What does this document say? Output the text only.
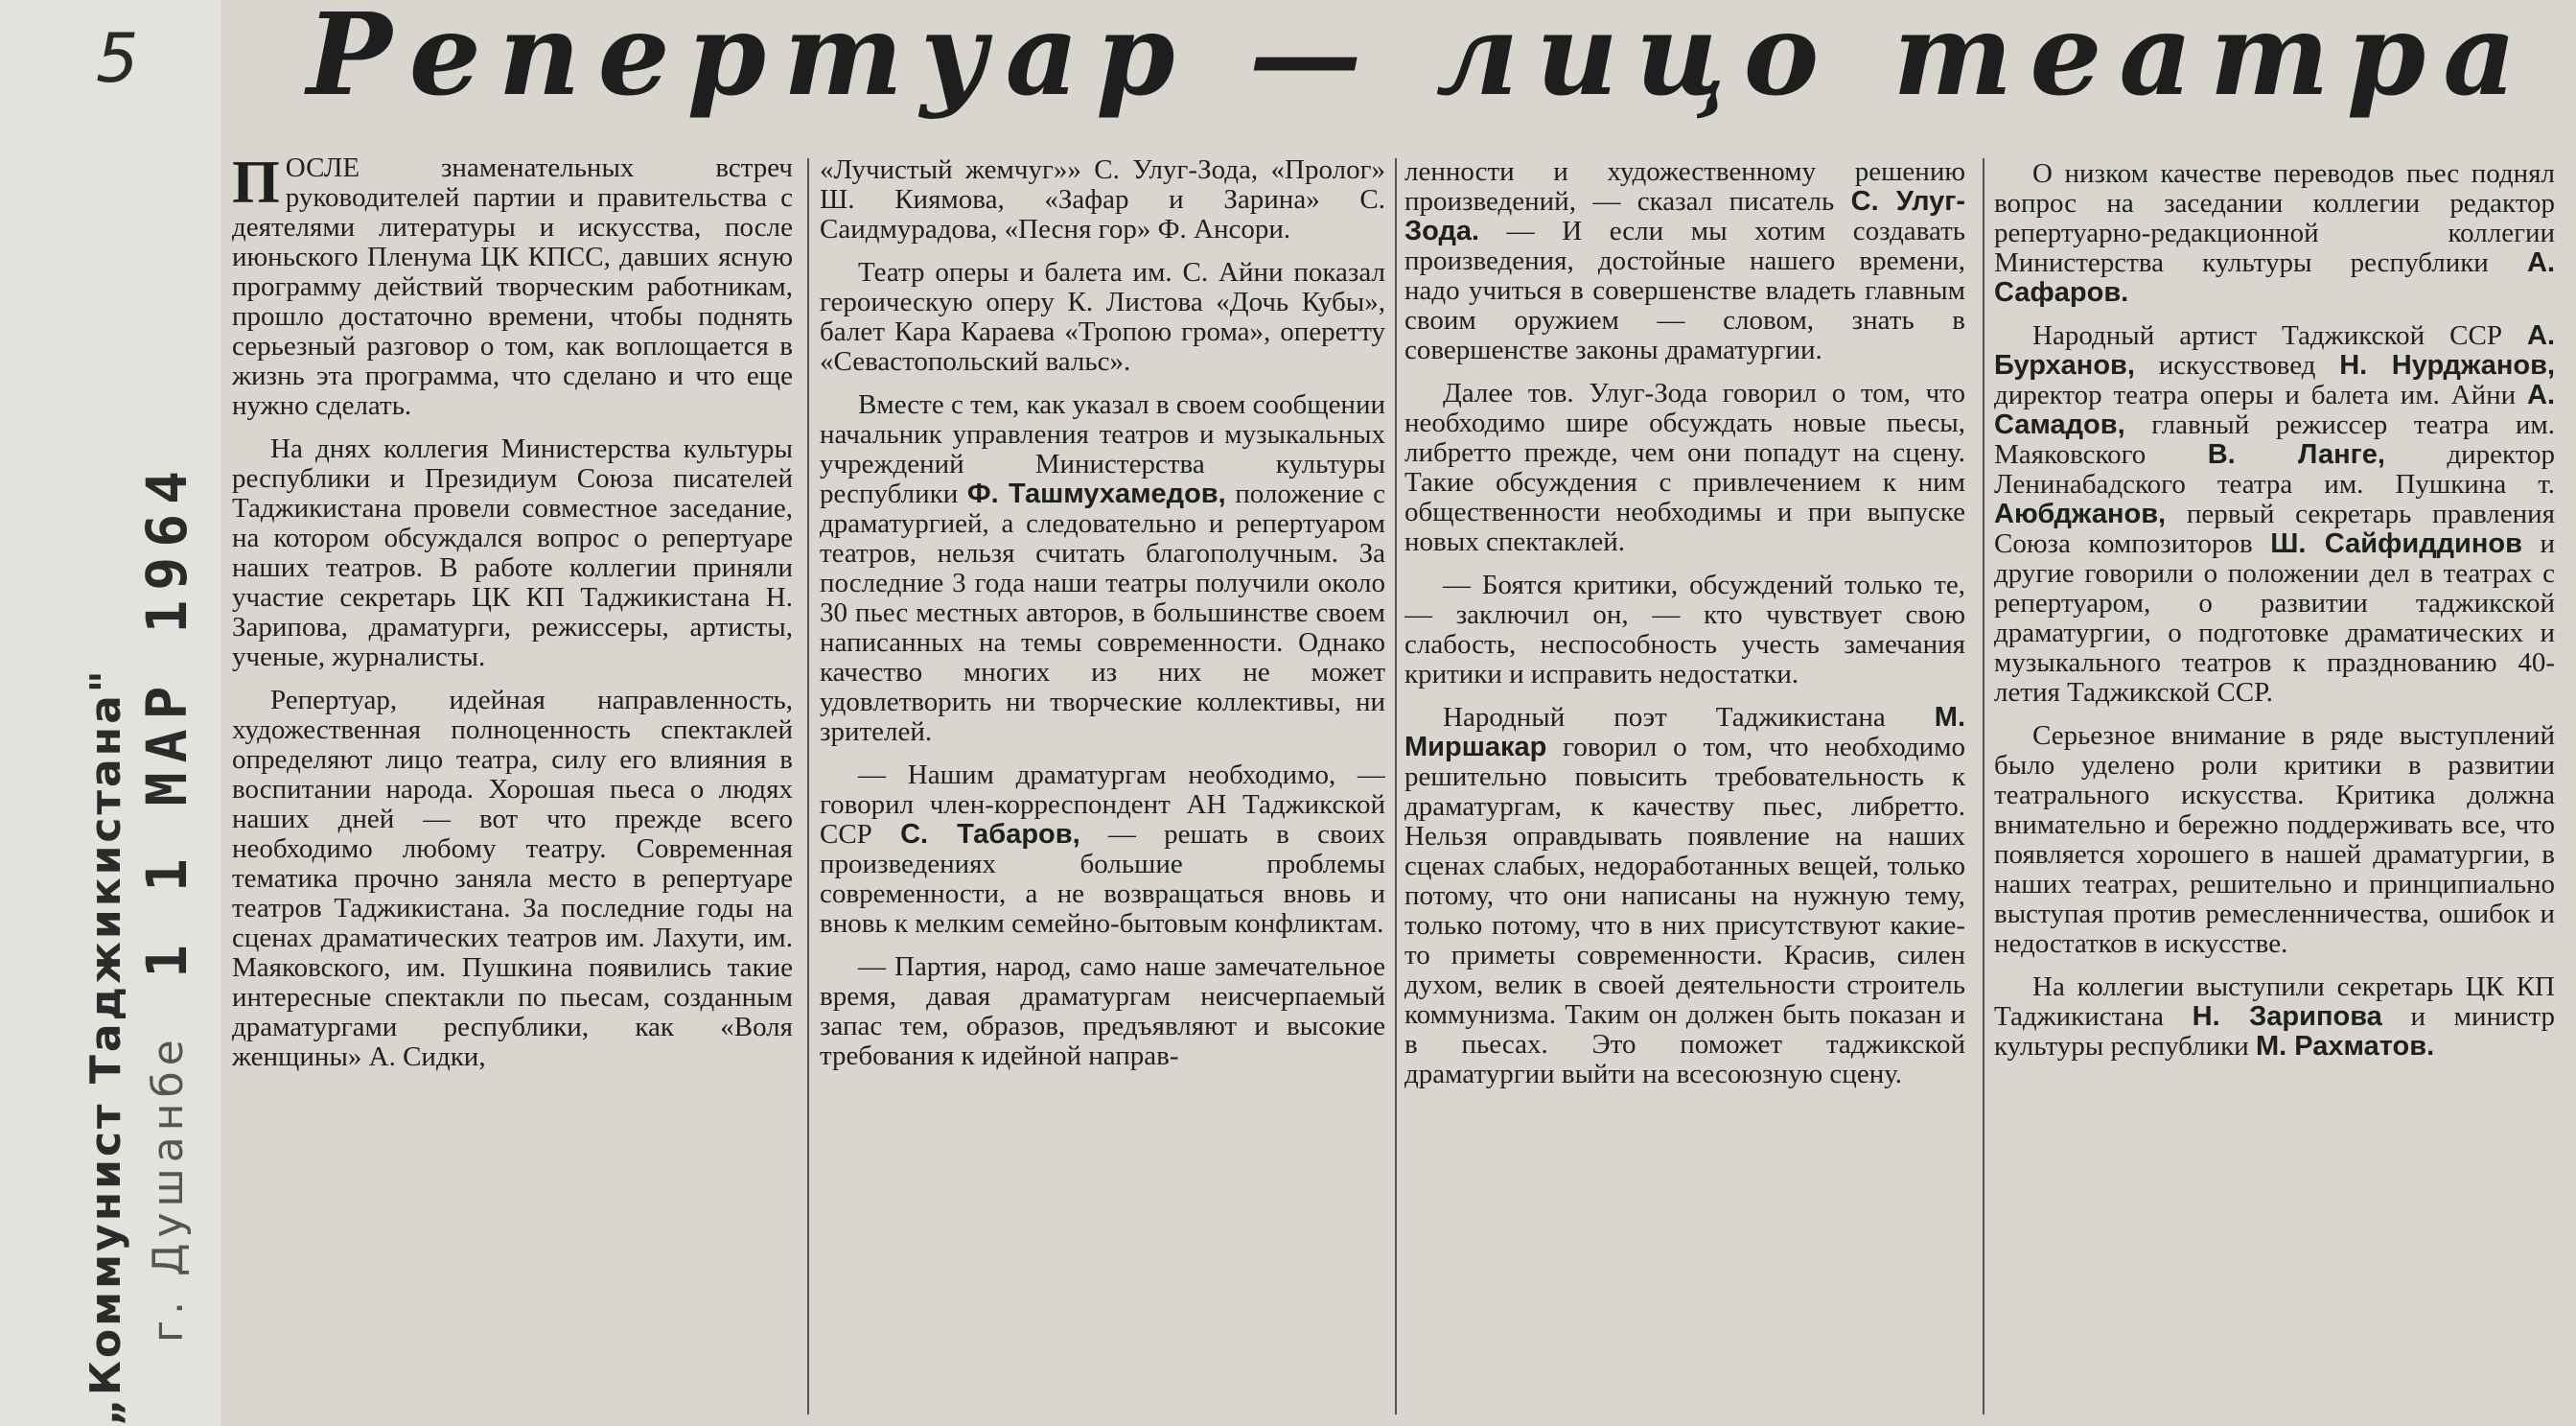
5 Репертуар — лицо театра
1 1 МАР 1964
„Коммунист Таджикистана" г. Душанбе

ПОСЛЕ знаменательных встреч руководителей партии и правительства с деятелями литературы и искусства, после июньского Пленума ЦК КПСС, давших ясную программу действий творческим работникам, прошло достаточно времени, чтобы поднять серьезный разговор о том, как воплощается в жизнь эта программа, что сделано и что еще нужно сделать.

На днях коллегия Министерства культуры республики и Президиум Союза писателей Таджикистана провели совместное заседание, на котором обсуждался вопрос о репертуаре наших театров. В работе коллегии приняли участие секретарь ЦК КП Таджикистана Н. Зарипова, драматурги, режиссеры, артисты, ученые, журналисты.

Репертуар, идейная направленность, художественная полноценность спектаклей определяют лицо театра, силу его влияния в воспитании народа. Хорошая пьеса о людях наших дней — вот что прежде всего необходимо любому театру. Современная тематика прочно заняла место в репертуаре театров Таджикистана. За последние годы на сценах драматических театров им. Лахути, им. Маяковского, им. Пушкина появились такие интересные спектакли по пьесам, созданным драматургами республики, как «Воля женщины» А. Сидки,

«Лучистый жемчуг»» С. Улуг-Зода, «Пролог» Ш. Киямова, «Зафар и Зарина» С. Саидмурадова, «Песня гор» Ф. Ансори.

Театр оперы и балета им. С. Айни показал героическую оперу К. Листова «Дочь Кубы», балет Кара Караева «Тропою грома», оперетту «Севастопольский вальс».

Вместе с тем, как указал в своем сообщении начальник управления театров и музыкальных учреждений Министерства культуры республики Ф. Ташмухамедов, положение с драматургией, а следовательно и репертуаром театров, нельзя считать благополучным. За последние 3 года наши театры получили около 30 пьес местных авторов, в большинстве своем написанных на темы современности. Однако качество многих из них не может удовлетворить ни творческие коллективы, ни зрителей.

— Нашим драматургам необходимо, —говорил член-корреспондент АН Таджикской ССР С. Табаров, — решать в своих произведениях большие проблемы современности, а не возвращаться вновь и вновь к мелким семейно-бытовым конфликтам.

— Партия, народ, само наше замечательное время, давая драматургам неисчерпаемый запас тем, образов, предъявляют и высокие требования к идейной направ-

ленности и художественному решению произведений, — сказал писатель С. Улуг-Зода. — И если мы хотим создавать произведения, достойные нашего времени, надо учиться в совершенстве владеть главным своим оружием — словом, знать в совершенстве законы драматургии.

Далее тов. Улуг-Зода говорил о том, что необходимо шире обсуждать новые пьесы, либретто прежде, чем они попадут на сцену. Такие обсуждения с привлечением к ним общественности необходимы и при выпуске новых спектаклей.

— Боятся критики, обсуждений только те, — заключил он, — кто чувствует свою слабость, неспособность учесть замечания критики и исправить недостатки.

Народный поэт Таджикистана М. Миршакар говорил о том, что необходимо решительно повысить требовательность к драматургам, к качеству пьес, либретто. Нельзя оправдывать появление на наших сценах слабых, недоработанных вещей, только потому, что они написаны на нужную тему, только потому, что в них присутствуют какие-то приметы современности. Красив, силен духом, велик в своей деятельности строитель коммунизма. Таким он должен быть показан и в пьесах. Это поможет таджикской драматургии выйти на всесоюзную сцену.

О низком качестве переводов пьес поднял вопрос на заседании коллегии редактор репертуарно-редакционной коллегии Министерства культуры республики А. Сафаров.

Народный артист Таджикской ССР А. Бурханов, искусствовед Н. Нурджанов, директор театра оперы и балета им. Айни А. Самадов, главный режиссер театра им. Маяковского В. Ланге, директор Ленинабадского театра им. Пушкина т. Аюбджанов, первый секретарь правления Союза композиторов Ш. Сайфиддинов и другие говорили о положении дел в театрах с репертуаром, о развитии таджикской драматургии, о подготовке драматических и музыкального театров к празднованию 40-летия Таджикской ССР.

Серьезное внимание в ряде выступлений было уделено роли критики в развитии театрального искусства. Критика должна внимательно и бережно поддерживать все, что появляется хорошего в нашей драматургии, в наших театрах, решительно и принципиально выступая против ремесленничества, ошибок и недостатков в искусстве.

На коллегии выступили секретарь ЦК КП Таджикистана Н. Зарипова и министр культуры республики М. Рахматов.
